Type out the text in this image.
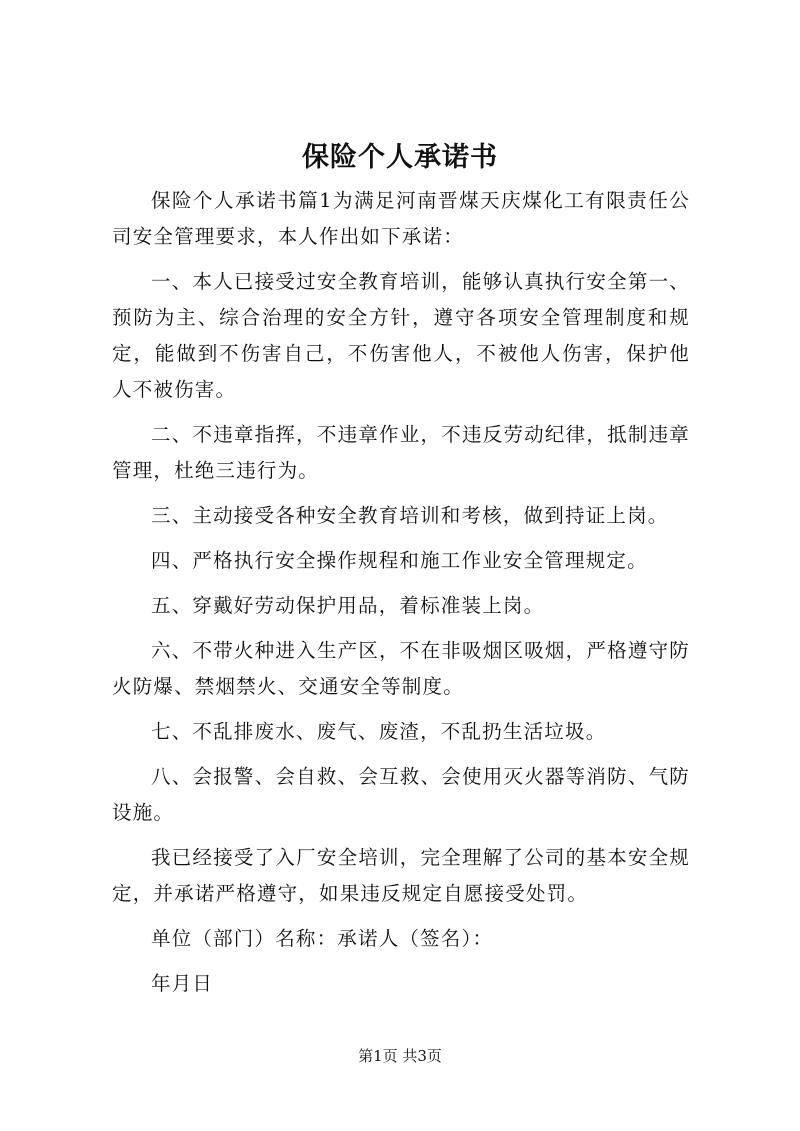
保险个人承诺书

保险个人承诺书篇1为满足河南晋煤天庆煤化工有限责任公司安全管理要求，本人作出如下承诺：

一、本人已接受过安全教育培训，能够认真执行安全第一、预防为主、综合治理的安全方针，遵守各项安全管理制度和规定，能做到不伤害自己，不伤害他人，不被他人伤害，保护他人不被伤害。

二、不违章指挥，不违章作业，不违反劳动纪律，抵制违章管理，杜绝三违行为。

三、主动接受各种安全教育培训和考核，做到持证上岗。

四、严格执行安全操作规程和施工作业安全管理规定。

五、穿戴好劳动保护用品，着标准装上岗。

六、不带火种进入生产区，不在非吸烟区吸烟，严格遵守防火防爆、禁烟禁火、交通安全等制度。

七、不乱排废水、废气、废渣，不乱扔生活垃圾。

八、会报警、会自救、会互救、会使用灭火器等消防、气防设施。

我已经接受了入厂安全培训，完全理解了公司的基本安全规定，并承诺严格遵守，如果违反规定自愿接受处罚。

单位（部门）名称：承诺人（签名）：

年月日

第1页 共3页
